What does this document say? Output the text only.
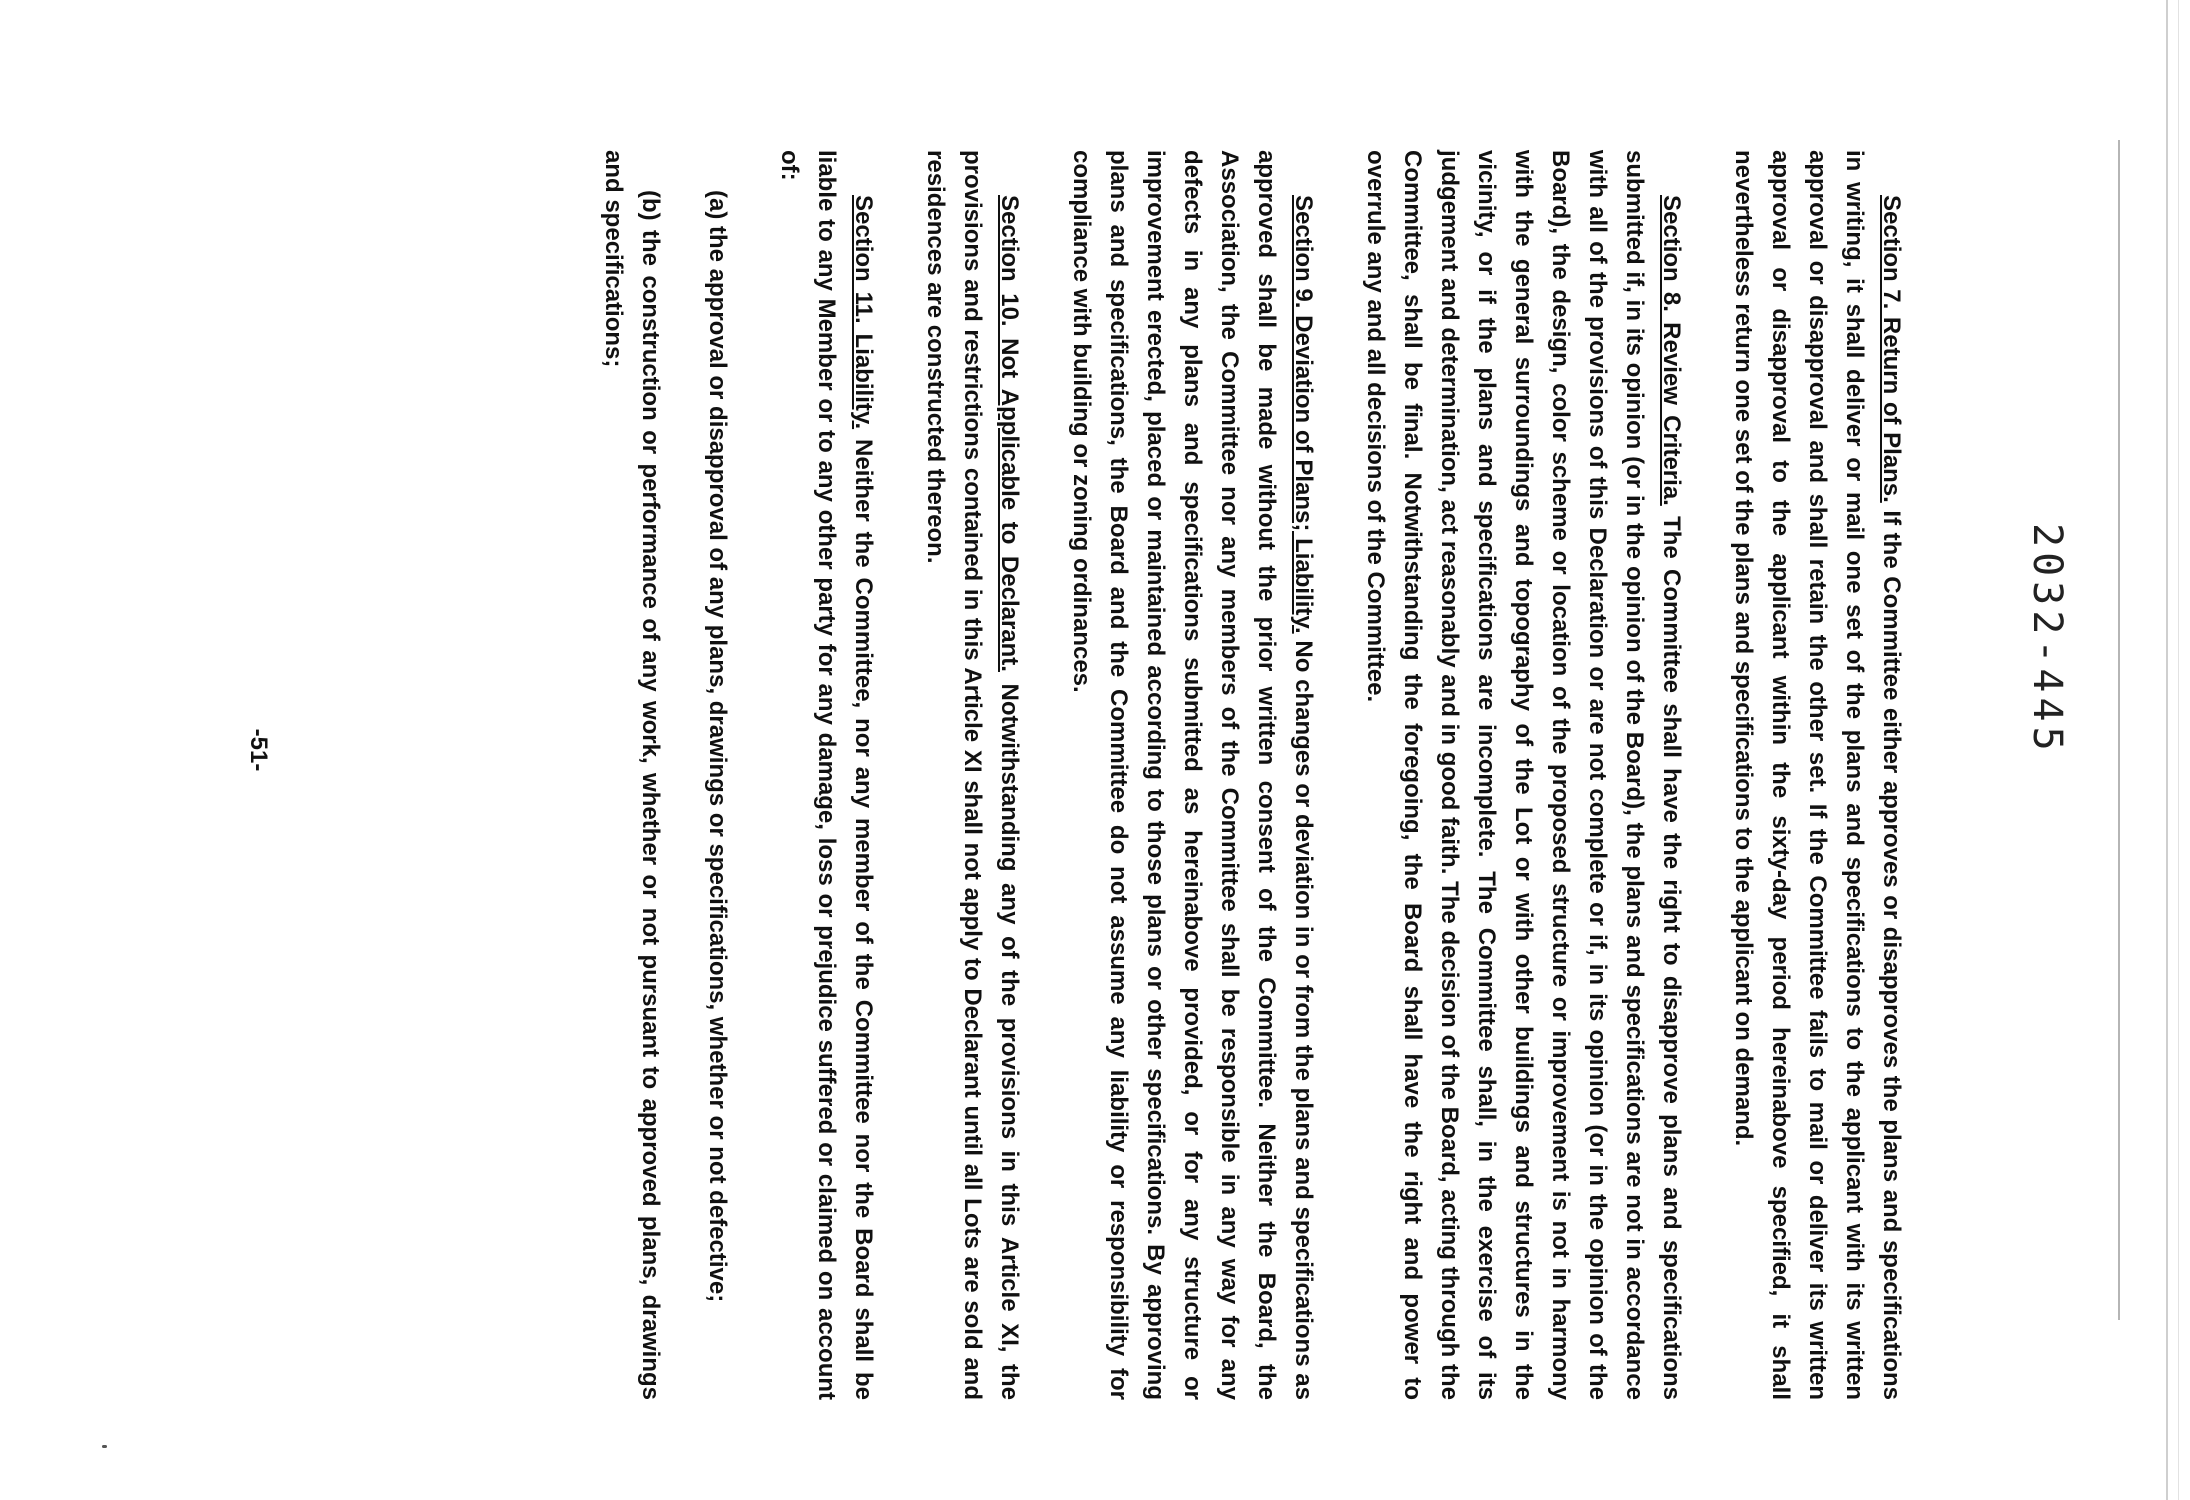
2032-445

Section 7. Return of Plans. If the Committee either approves or disapproves the plans and specifications in writing, it shall deliver or mail one set of the plans and specifications to the applicant with its written approval or disapproval and shall retain the other set. If the Committee fails to mail or deliver its written approval or disapproval to the applicant within the sixty-day period hereinabove specified, it shall nevertheless return one set of the plans and specifications to the applicant on demand.

Section 8. Review Criteria. The Committee shall have the right to disapprove plans and specifications submitted if, in its opinion (or in the opinion of the Board), the plans and specifications are not in accordance with all of the provisions of this Declaration or are not complete or if, in its opinion (or in the opinion of the Board), the design, color scheme or location of the proposed structure or improvement is not in harmony with the general surroundings and topography of the Lot or with other buildings and structures in the vicinity, or if the plans and specifications are incomplete. The Committee shall, in the exercise of its judgement and determination, act reasonably and in good faith. The decision of the Board, acting through the Committee, shall be final. Notwithstanding the foregoing, the Board shall have the right and power to overrule any and all decisions of the Committee.

Section 9. Deviation of Plans; Liability. No changes or deviation in or from the plans and specifications as approved shall be made without the prior written consent of the Committee. Neither the Board, the Association, the Committee nor any members of the Committee shall be responsible in any way for any defects in any plans and specifications submitted as hereinabove provided, or for any structure or improvement erected, placed or maintained according to those plans or other specifications. By approving plans and specifications, the Board and the Committee do not assume any liability or responsibility for compliance with building or zoning ordinances.

Section 10. Not Applicable to Declarant. Notwithstanding any of the provisions in this Article XI, the provisions and restrictions contained in this Article XI shall not apply to Declarant until all Lots are sold and residences are constructed thereon.

Section 11. Liability. Neither the Committee, nor any member of the Committee nor the Board shall be liable to any Member or to any other party for any damage, loss or prejudice suffered or claimed on account of:

(a) the approval or disapproval of any plans, drawings or specifications, whether or not defective;

(b) the construction or performance of any work, whether or not pursuant to approved plans, drawings and specifications;

-51-
